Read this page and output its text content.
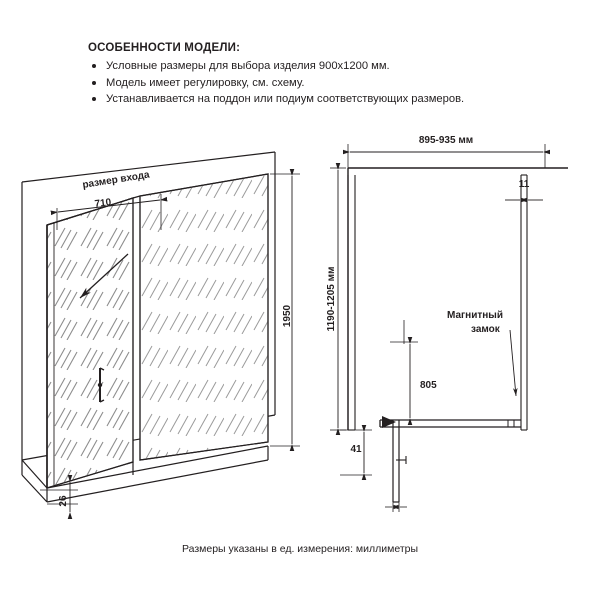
ОСОБЕННОСТИ МОДЕЛИ:
Условные размеры для выбора изделия 900x1200 мм.
Модель имеет регулировку, см. схему.
Устанавливается на поддон или подиум соответствующих размеров.
размер входа
710
1950
26
895-935 мм
11
1190-1205 мм
805
41
Магнитный
замок
Размеры указаны в ед. измерения: миллиметры
